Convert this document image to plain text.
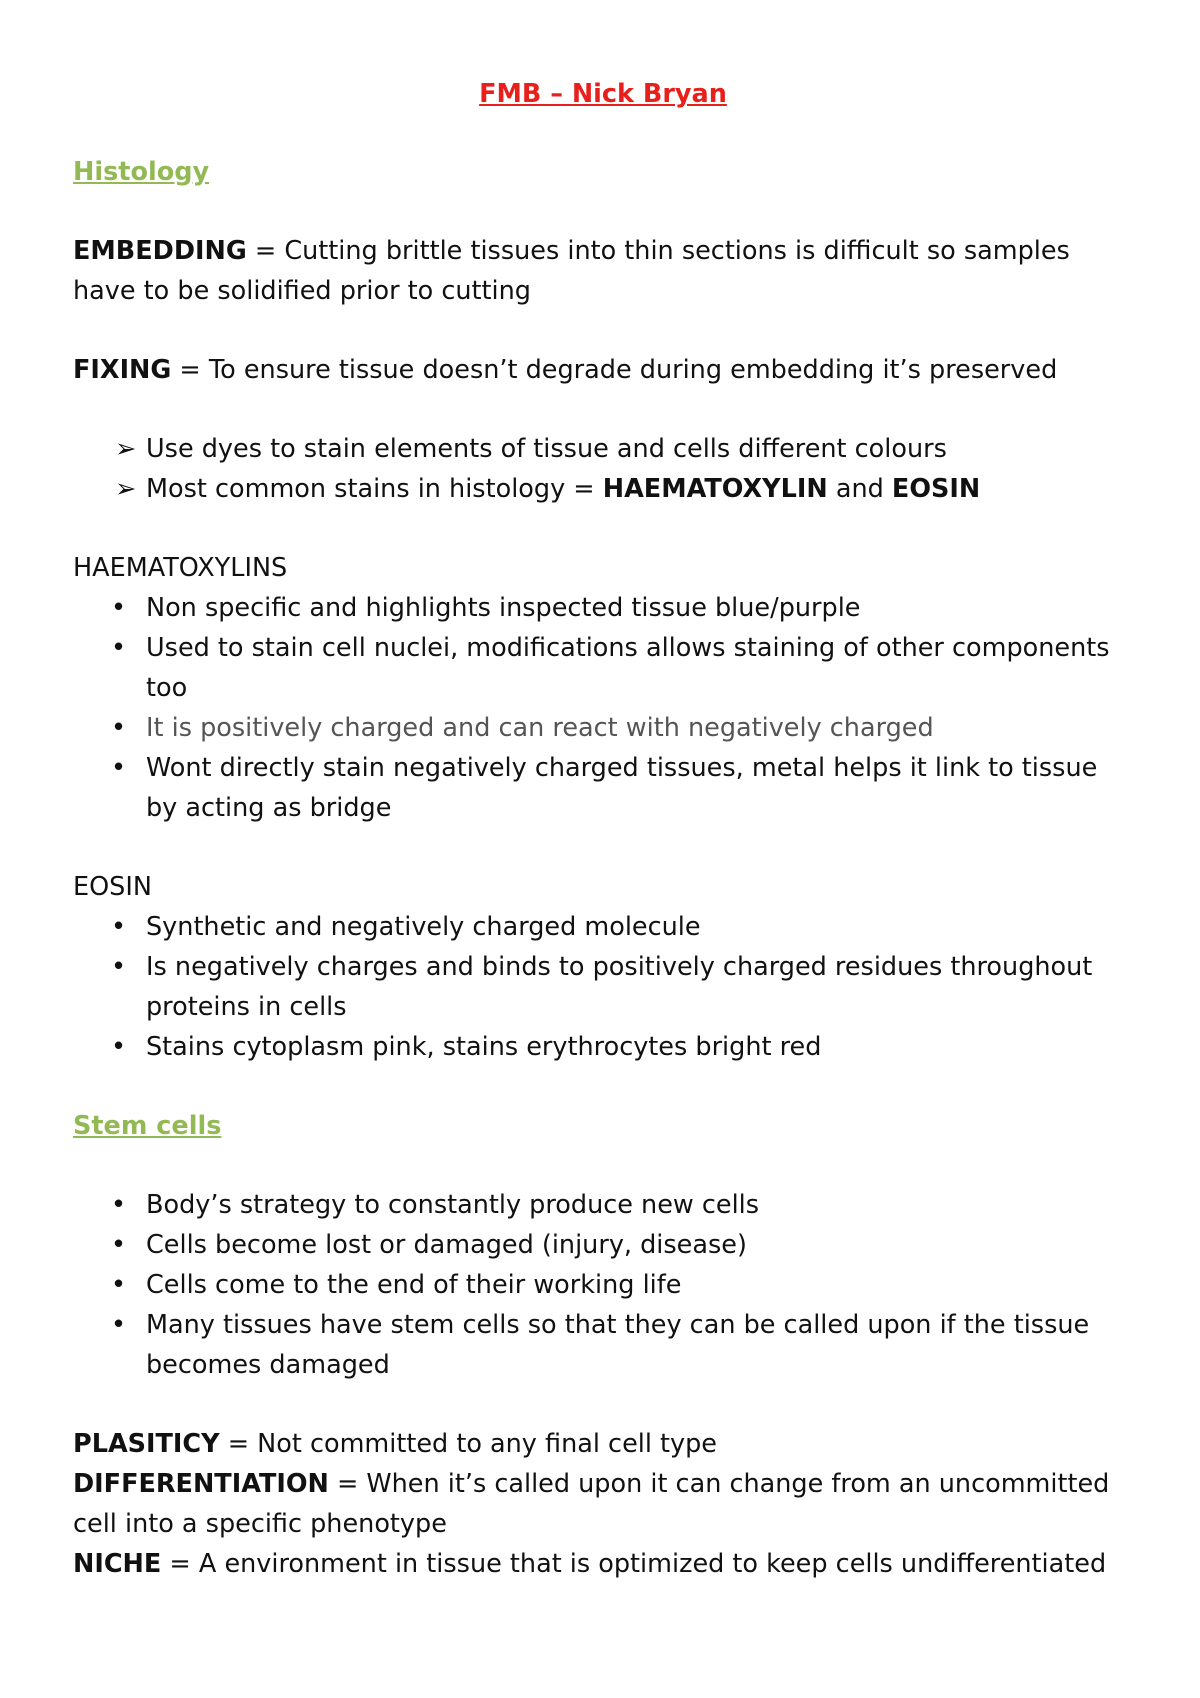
FMB – Nick Bryan
Histology
EMBEDDING = Cutting brittle tissues into thin sections is difficult so samples have to be solidified prior to cutting
FIXING = To ensure tissue doesn’t degrade during embedding it’s preserved
➢ Use dyes to stain elements of tissue and cells different colours
➢ Most common stains in histology = HAEMATOXYLIN and EOSIN
HAEMATOXYLINS
• Non specific and highlights inspected tissue blue/purple
• Used to stain cell nuclei, modifications allows staining of other components too
• It is positively charged and can react with negatively charged
• Wont directly stain negatively charged tissues, metal helps it link to tissue by acting as bridge
EOSIN
• Synthetic and negatively charged molecule
• Is negatively charges and binds to positively charged residues throughout proteins in cells
• Stains cytoplasm pink, stains erythrocytes bright red
Stem cells
• Body’s strategy to constantly produce new cells
• Cells become lost or damaged (injury, disease)
• Cells come to the end of their working life
• Many tissues have stem cells so that they can be called upon if the tissue becomes damaged
PLASITICY = Not committed to any final cell type
DIFFERENTIATION = When it’s called upon it can change from an uncommitted cell into a specific phenotype
NICHE = A environment in tissue that is optimized to keep cells undifferentiated
